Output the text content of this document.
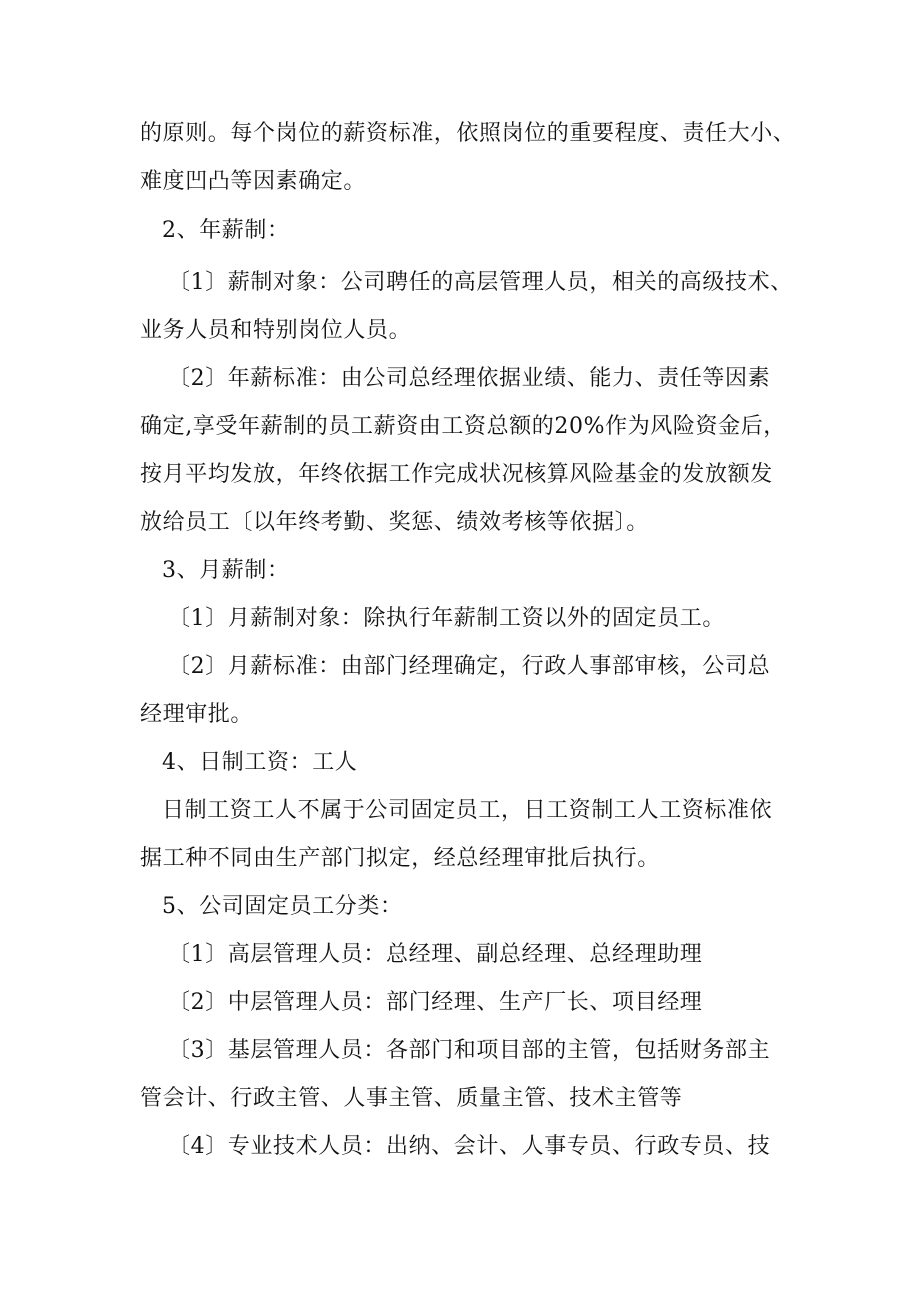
的原则。每个岗位的薪资标准，依照岗位的重要程度、责任大小、
难度凹凸等因素确定。
2、年薪制：
〔1〕薪制对象：公司聘任的高层管理人员，相关的高级技术、
业务人员和特别岗位人员。
〔2〕年薪标准：由公司总经理依据业绩、能力、责任等因素
确定,享受年薪制的员工薪资由工资总额的20%作为风险资金后，
按月平均发放，年终依据工作完成状况核算风险基金的发放额发
放给员工〔以年终考勤、奖惩、绩效考核等依据〕。
3、月薪制：
〔1〕月薪制对象：除执行年薪制工资以外的固定员工。
〔2〕月薪标准：由部门经理确定，行政人事部审核，公司总
经理审批。
4、日制工资：工人
日制工资工人不属于公司固定员工，日工资制工人工资标准依
据工种不同由生产部门拟定，经总经理审批后执行。
5、公司固定员工分类：
〔1〕高层管理人员：总经理、副总经理、总经理助理
〔2〕中层管理人员：部门经理、生产厂长、项目经理
〔3〕基层管理人员：各部门和项目部的主管，包括财务部主
管会计、行政主管、人事主管、质量主管、技术主管等
〔4〕专业技术人员：出纳、会计、人事专员、行政专员、技
